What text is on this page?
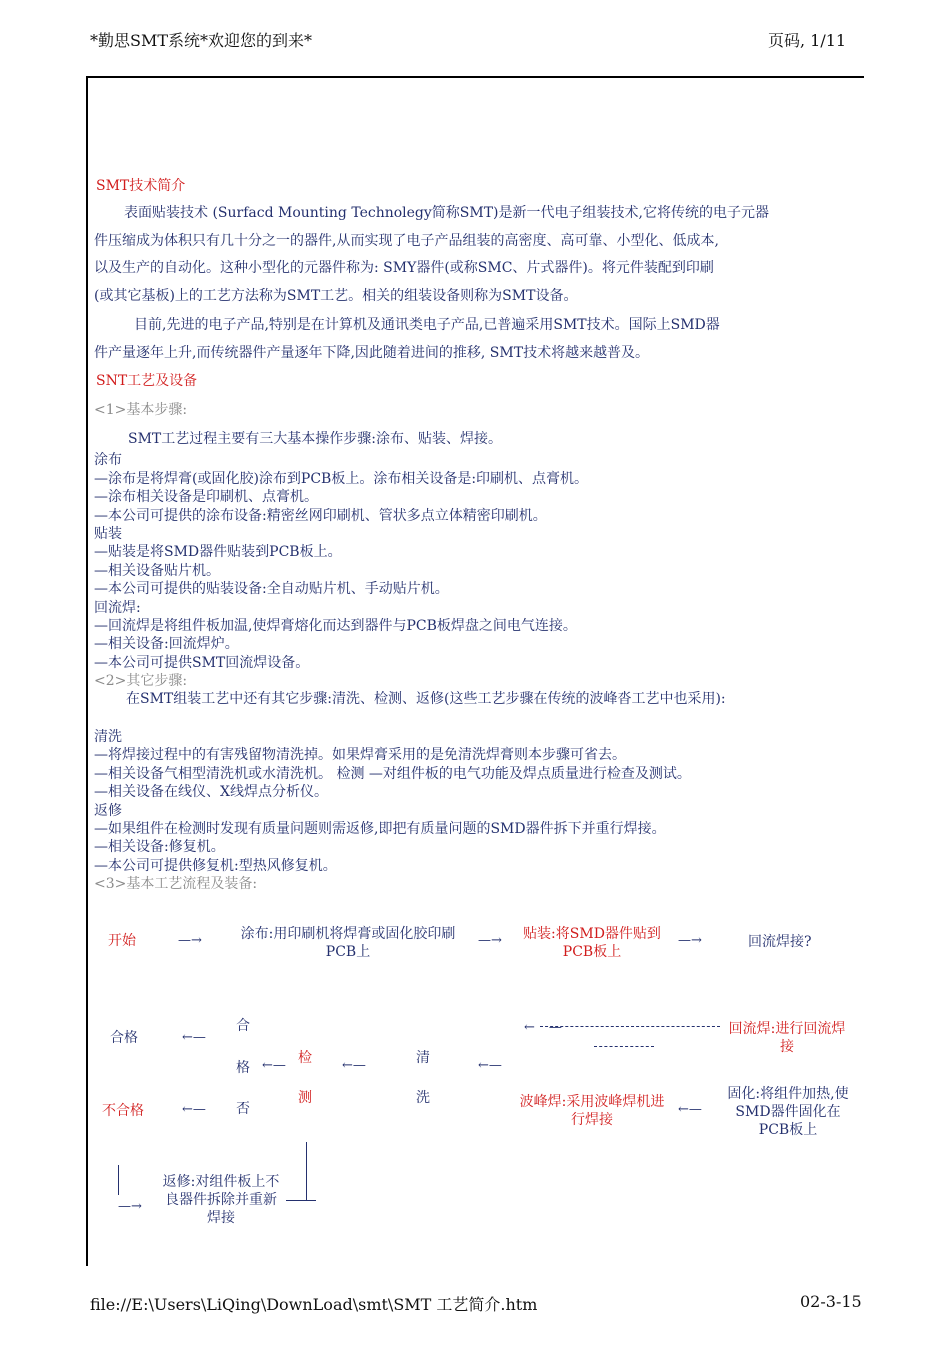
*勤思SMT系统*欢迎您的到来*	页码, 1/11
SMT技术简介
表面贴装技术 (Surfacd Mounting Technolegy简称SMT)是新一代电子组装技术,它将传统的电子元器
件压缩成为体积只有几十分之一的器件,从而实现了电子产品组装的高密度、高可靠、小型化、低成本,
以及生产的自动化。这种小型化的元器件称为: SMY器件(或称SMC、片式器件)。将元件装配到印刷
(或其它基板)上的工艺方法称为SMT工艺。相关的组装设备则称为SMT设备。
目前,先进的电子产品,特别是在计算机及通讯类电子产品,已普遍采用SMT技术。国际上SMD器
件产量逐年上升,而传统器件产量逐年下降,因此随着进间的推移, SMT技术将越来越普及。
SNT工艺及设备
<1>基本步骤:
SMT工艺过程主要有三大基本操作步骤:涂布、贴装、焊接。
涂布
—涂布是将焊膏(或固化胶)涂布到PCB板上。涂布相关设备是:印刷机、点膏机。
—涂布相关设备是印刷机、点膏机。
—本公司可提供的涂布设备:精密丝网印刷机、管状多点立体精密印刷机。
贴装
—贴装是将SMD器件贴装到PCB板上。
—相关设备贴片机。
—本公司可提供的贴装设备:全自动贴片机、手动贴片机。
回流焊:
—回流焊是将组件板加温,使焊膏熔化而达到器件与PCB板焊盘之间电气连接。
—相关设备:回流焊炉。
—本公司可提供SMT回流焊设备。
<2>其它步骤:
在SMT组装工艺中还有其它步骤:清洗、检测、返修(这些工艺步骤在传统的波峰沓工艺中也采用):
清洗
—将焊接过程中的有害残留物清洗掉。如果焊膏采用的是免清洗焊膏则本步骤可省去。
—相关设备气相型清洗机或水清洗机。 检测 —对组件板的电气功能及焊点质量进行检查及测试。
—相关设备在线仪、X线焊点分析仪。
返修
—如果组件在检测时发现有质量问题则需返修,即把有质量问题的SMD器件拆下并重行焊接。
—相关设备:修复机。
—本公司可提供修复机:型热风修复机。
<3>基本工艺流程及装备:
开始	—→	涂布:用印刷机将焊膏或固化胶印刷PCB上
—→	贴装:将SMD器件贴到PCB板上
—→	回流焊接?
合格	←—
合
格
否
←— 检测
←—	清洗
←—
←—	回流焊:进行回流焊接
不合格	←—	波峰焊:采用波峰焊机进行焊接
←—
固化:将组件加热,使SMD器件固化在PCB板上
返修:对组件板上不良器件拆除并重新焊接
—→
file://E:\Users\LiQing\DownLoad\smt\SMT 工艺简介.htm	02-3-15
